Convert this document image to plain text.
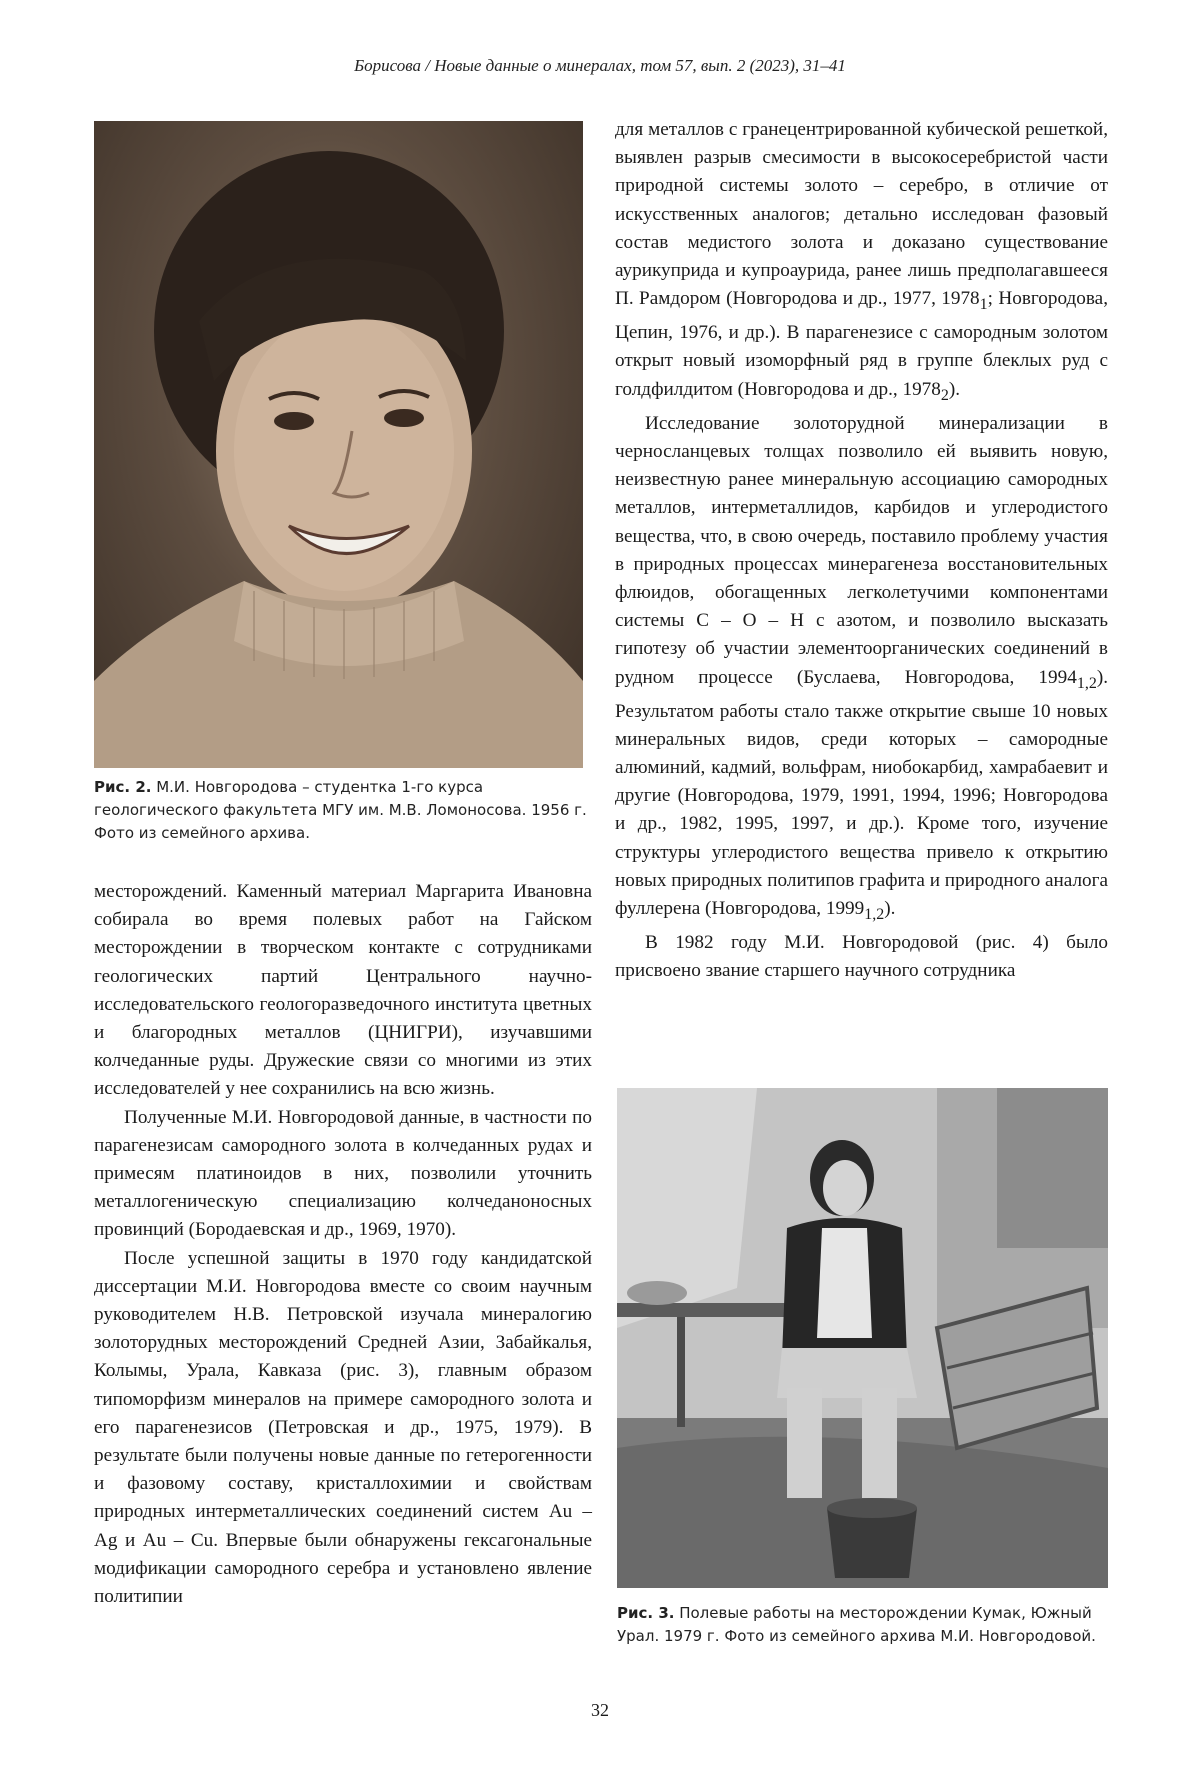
Борисова / Новые данные о минералах, том 57, вып. 2 (2023), 31–41
Рис. 2. М.И. Новгородова – студентка 1-го курса геологического факультета МГУ им. М.В. Ломоносова. 1956 г. Фото из семейного архива.

месторождений. Каменный материал Маргарита Ивановна собирала во время полевых работ на Гайском месторождении в творческом контакте с сотрудниками геологических партий Центрального научно-исследовательского геологоразведочного института цветных и благородных металлов (ЦНИГРИ), изучавшими колчеданные руды. Дружеские связи со многими из этих исследователей у нее сохранились на всю жизнь.

Полученные М.И. Новгородовой данные, в частности по парагенезисам самородного золота в колчеданных рудах и примесям платиноидов в них, позволили уточнить металлогеническую специализацию колчеданоносных провинций (Бородаевская и др., 1969, 1970).

После успешной защиты в 1970 году кандидатской диссертации М.И. Новгородова вместе со своим научным руководителем Н.В. Петровской изучала минералогию золоторудных месторождений Средней Азии, Забайкалья, Колымы, Урала, Кавказа (рис. 3), главным образом типоморфизм минералов на примере самородного золота и его парагенезисов (Петровская и др., 1975, 1979). В результате были получены новые данные по гетерогенности и фазовому составу, кристаллохимии и свойствам природных интерметаллических соединений систем Au – Ag и Au – Cu. Впервые были обнаружены гексагональные модификации самородного серебра и установлено явление политипии

для металлов с гранецентрированной кубической решеткой, выявлен разрыв смесимости в высокосеребристой части природной системы золото – серебро, в отличие от искусственных аналогов; детально исследован фазовый состав медистого золота и доказано существование аурикуприда и купроаурида, ранее лишь предполагавшееся П. Рамдором (Новгородова и др., 1977, 19781; Новгородова, Цепин, 1976, и др.). В парагенезисе с самородным золотом открыт новый изоморфный ряд в группе блеклых руд с голдфилдитом (Новгородова и др., 19782).

Исследование золоторудной минерализации в черносланцевых толщах позволило ей выявить новую, неизвестную ранее минеральную ассоциацию самородных металлов, интерметаллидов, карбидов и углеродистого вещества, что, в свою очередь, поставило проблему участия в природных процессах минерагенеза восстановительных флюидов, обогащенных легколетучими компонентами системы C – O – H с азотом, и позволило высказать гипотезу об участии элементоорганических соединений в рудном процессе (Буслаева, Новгородова, 19941,2). Результатом работы стало также открытие свыше 10 новых минеральных видов, среди которых – самородные алюминий, кадмий, вольфрам, ниобокарбид, хамрабаевит и другие (Новгородова, 1979, 1991, 1994, 1996; Новгородова и др., 1982, 1995, 1997, и др.). Кроме того, изучение структуры углеродистого вещества привело к открытию новых природных политипов графита и природного аналога фуллерена (Новгородова, 19991,2).

В 1982 году М.И. Новгородовой (рис. 4) было присвоено звание старшего научного сотрудника

Рис. 3. Полевые работы на месторождении Кумак, Южный Урал. 1979 г. Фото из семейного архива М.И. Новгородовой.
32
